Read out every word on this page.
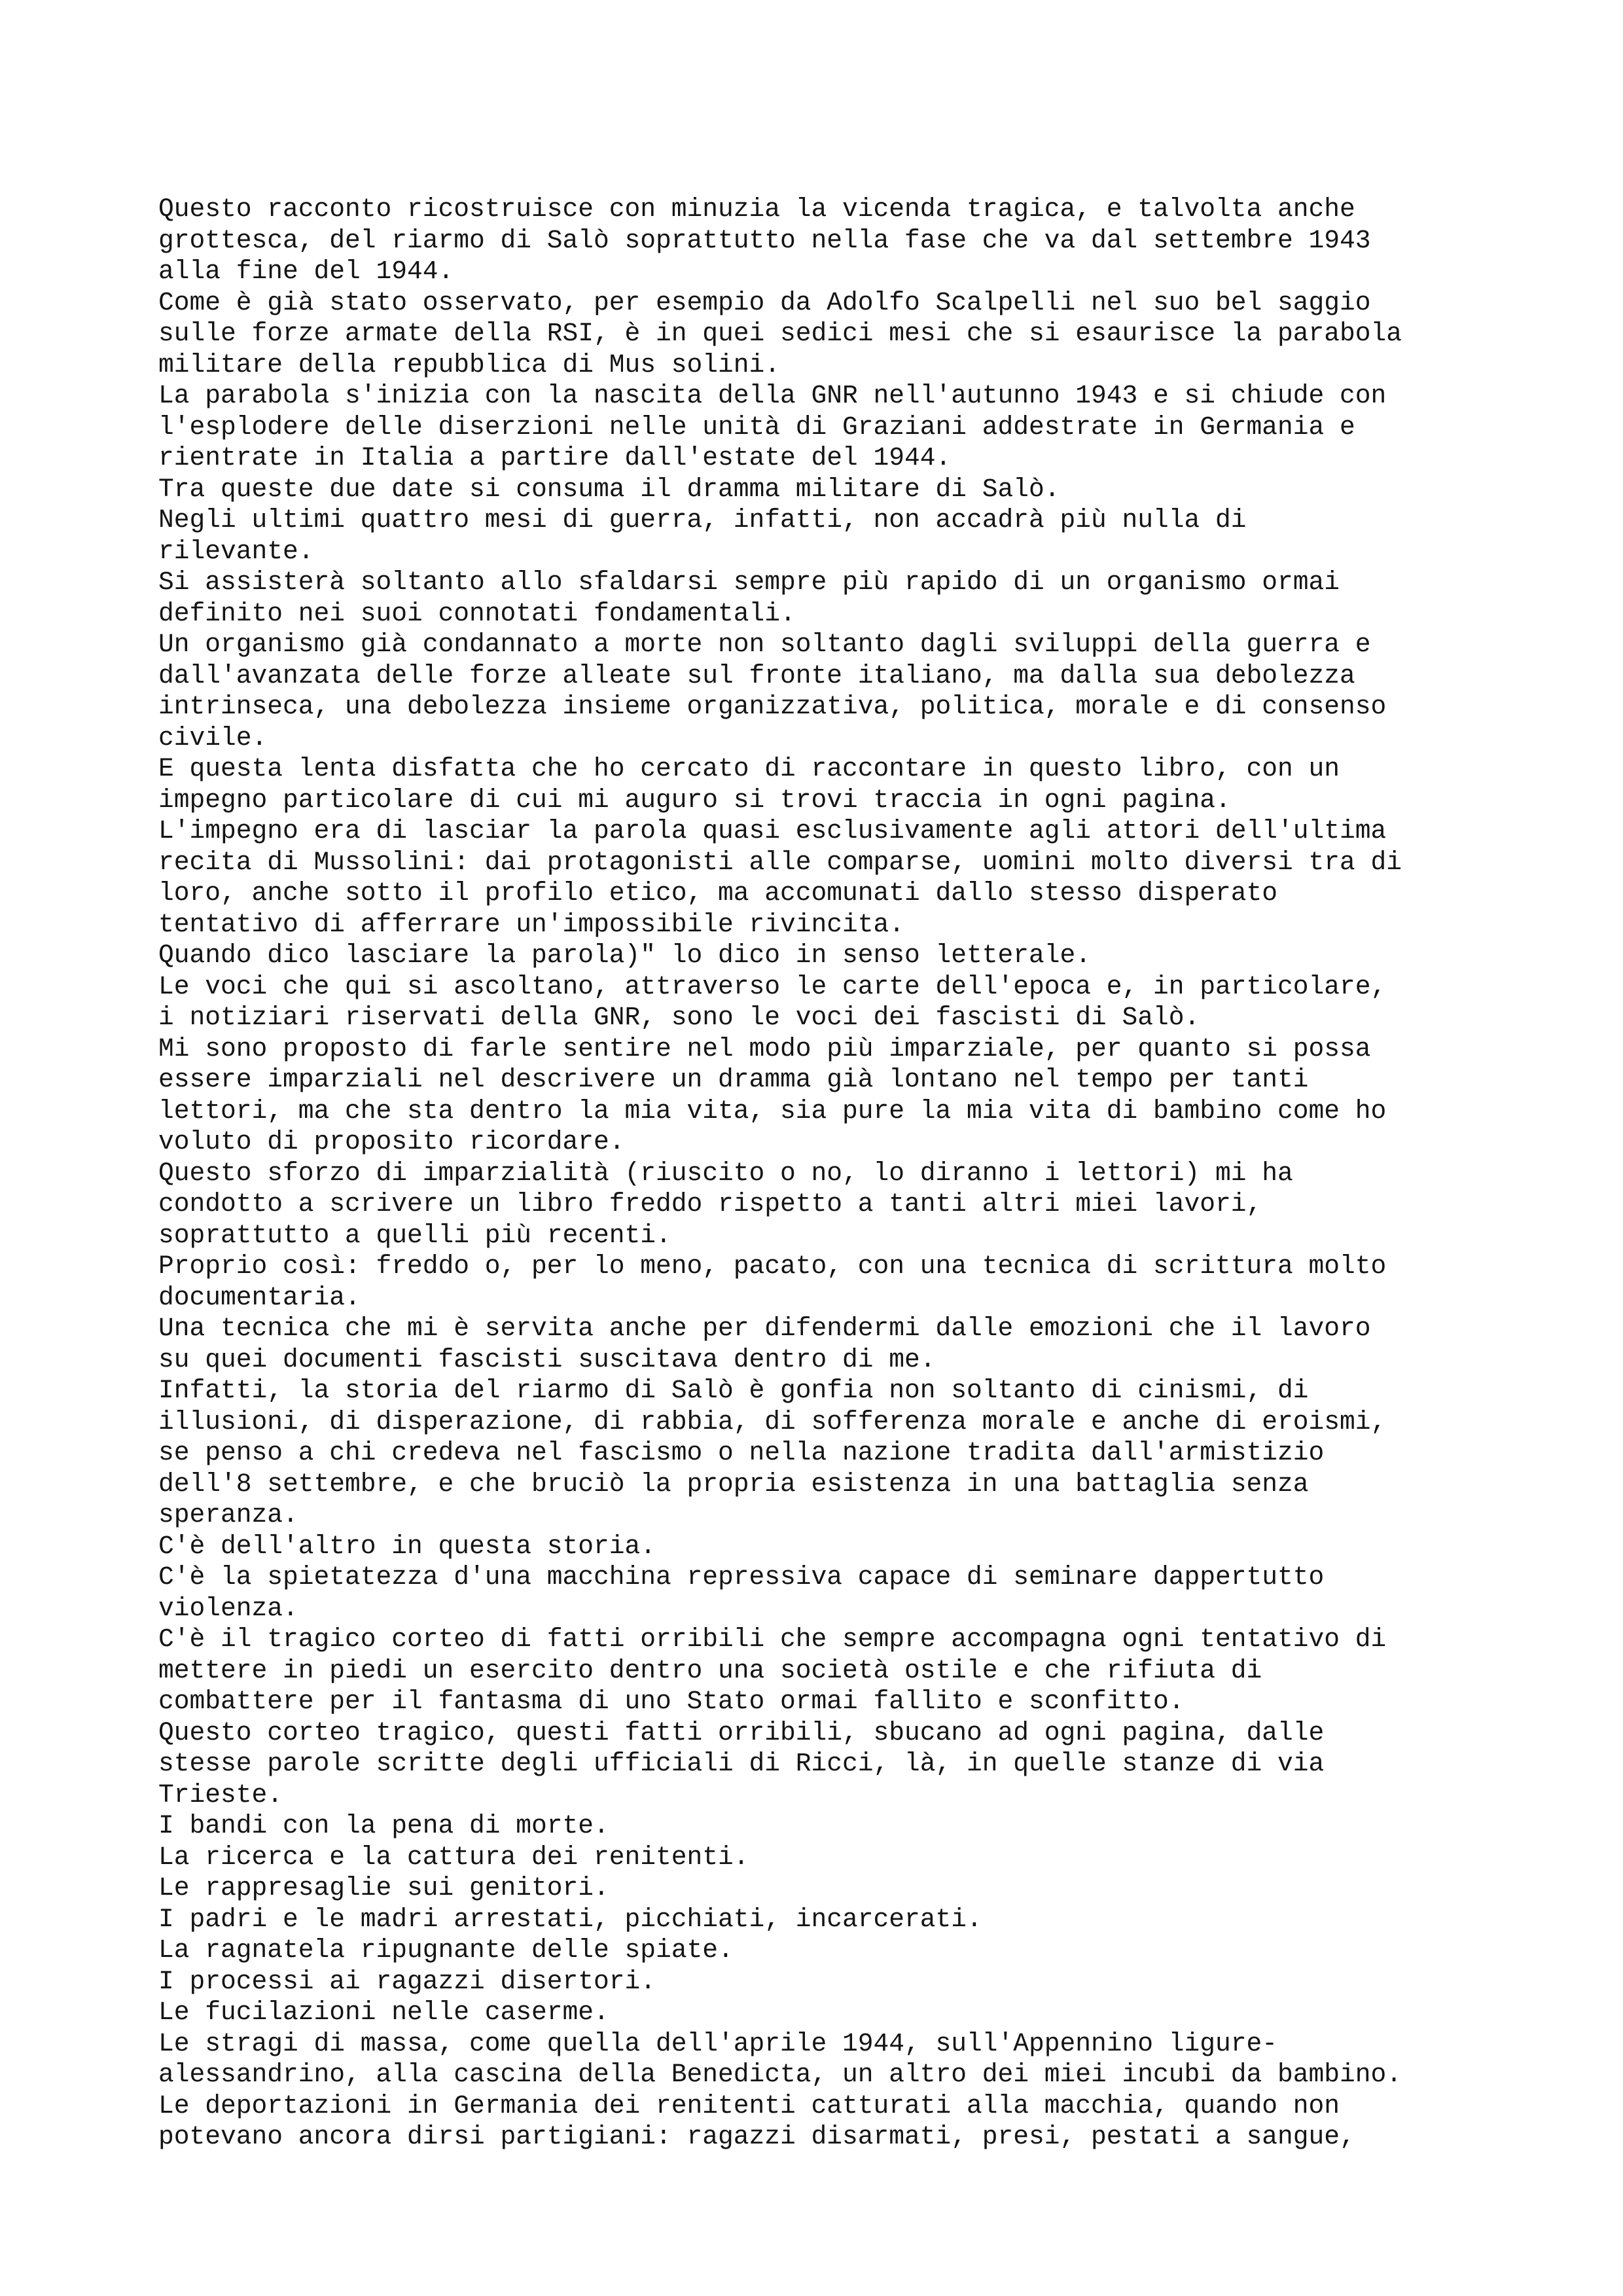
Questo racconto ricostruisce con minuzia la vicenda tragica, e talvolta anche
grottesca, del riarmo di Salò soprattutto nella fase che va dal settembre 1943
alla fine del 1944.
Come è già stato osservato, per esempio da Adolfo Scalpelli nel suo bel saggio
sulle forze armate della RSI, è in quei sedici mesi che si esaurisce la parabola
militare della repubblica di Mus solini.
La parabola s'inizia con la nascita della GNR nell'autunno 1943 e si chiude con
l'esplodere delle diserzioni nelle unità di Graziani addestrate in Germania e
rientrate in Italia a partire dall'estate del 1944.
Tra queste due date si consuma il dramma militare di Salò.
Negli ultimi quattro mesi di guerra, infatti, non accadrà più nulla di
rilevante.
Si assisterà soltanto allo sfaldarsi sempre più rapido di un organismo ormai
definito nei suoi connotati fondamentali.
Un organismo già condannato a morte non soltanto dagli sviluppi della guerra e
dall'avanzata delle forze alleate sul fronte italiano, ma dalla sua debolezza
intrinseca, una debolezza insieme organizzativa, politica, morale e di consenso
civile.
E questa lenta disfatta che ho cercato di raccontare in questo libro, con un
impegno particolare di cui mi auguro si trovi traccia in ogni pagina.
L'impegno era di lasciar la parola quasi esclusivamente agli attori dell'ultima
recita di Mussolini: dai protagonisti alle comparse, uomini molto diversi tra di
loro, anche sotto il profilo etico, ma accomunati dallo stesso disperato
tentativo di afferrare un'impossibile rivincita.
Quando dico lasciare la parola)" lo dico in senso letterale.
Le voci che qui si ascoltano, attraverso le carte dell'epoca e, in particolare,
i notiziari riservati della GNR, sono le voci dei fascisti di Salò.
Mi sono proposto di farle sentire nel modo più imparziale, per quanto si possa
essere imparziali nel descrivere un dramma già lontano nel tempo per tanti
lettori, ma che sta dentro la mia vita, sia pure la mia vita di bambino come ho
voluto di proposito ricordare.
Questo sforzo di imparzialità (riuscito o no, lo diranno i lettori) mi ha
condotto a scrivere un libro freddo rispetto a tanti altri miei lavori,
soprattutto a quelli più recenti.
Proprio così: freddo o, per lo meno, pacato, con una tecnica di scrittura molto
documentaria.
Una tecnica che mi è servita anche per difendermi dalle emozioni che il lavoro
su quei documenti fascisti suscitava dentro di me.
Infatti, la storia del riarmo di Salò è gonfia non soltanto di cinismi, di
illusioni, di disperazione, di rabbia, di sofferenza morale e anche di eroismi,
se penso a chi credeva nel fascismo o nella nazione tradita dall'armistizio
dell'8 settembre, e che bruciò la propria esistenza in una battaglia senza
speranza.
C'è dell'altro in questa storia.
C'è la spietatezza d'una macchina repressiva capace di seminare dappertutto
violenza.
C'è il tragico corteo di fatti orribili che sempre accompagna ogni tentativo di
mettere in piedi un esercito dentro una società ostile e che rifiuta di
combattere per il fantasma di uno Stato ormai fallito e sconfitto.
Questo corteo tragico, questi fatti orribili, sbucano ad ogni pagina, dalle
stesse parole scritte degli ufficiali di Ricci, là, in quelle stanze di via
Trieste.
I bandi con la pena di morte.
La ricerca e la cattura dei renitenti.
Le rappresaglie sui genitori.
I padri e le madri arrestati, picchiati, incarcerati.
La ragnatela ripugnante delle spiate.
I processi ai ragazzi disertori.
Le fucilazioni nelle caserme.
Le stragi di massa, come quella dell'aprile 1944, sull'Appennino ligure-
alessandrino, alla cascina della Benedicta, un altro dei miei incubi da bambino.
Le deportazioni in Germania dei renitenti catturati alla macchia, quando non
potevano ancora dirsi partigiani: ragazzi disarmati, presi, pestati a sangue,
